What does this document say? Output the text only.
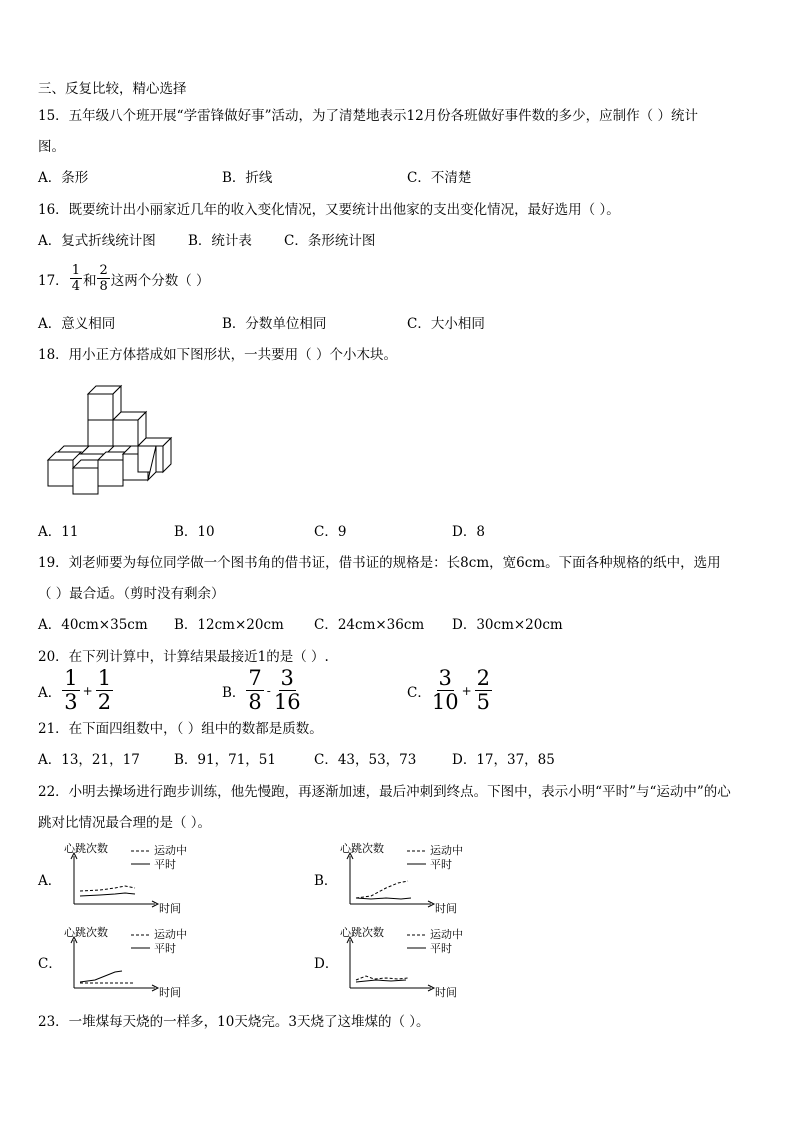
三、反复比较，精心选择
15．五年级八个班开展“学雷锋做好事”活动，为了清楚地表示12月份各班做好事件数的多少，应制作（ ）统计
图。
A．条形	B．折线	C．不清楚
16．既要统计出小丽家近几年的收入变化情况，又要统计出他家的支出变化情况，最好选用（ ）。
A．复式折线统计图 B．统计表 C．条形统计图
17． $\frac{1}{4}$ 和 $\frac{2}{8}$ 这两个分数（ ）
A．意义相同	B．分数单位相同	C．大小相同
18．用小正方体搭成如下图形状，一共要用（ ）个小木块。
A．11	B．10	C．9	D．8
19．刘老师要为每位同学做一个图书角的借书证，借书证的规格是：长8cm，宽6cm。下面各种规格的纸中，选用
（ ）最合适。（剪时没有剩余）
A．40cm×35cm B．12cm×20cm C．24cm×36cm D．30cm×20cm
20．在下列计算中，计算结果最接近1的是（ ）.
A． $\frac{1}{3} + \frac{1}{2}$	B． $\frac{7}{8} - \frac{3}{16}$	C． $\frac{3}{10} + \frac{2}{5}$
21．在下面四组数中，（ ）组中的数都是质数。
A．13，21，17	B．91，71，51	C．43，53，73	D．17，37，85
22．小明去操场进行跑步训练，他先慢跑，再逐渐加速，最后冲刺到终点。下图中，表示小明“平时”与“运动中”的心
跳对比情况最合理的是（ ）。
A．	B．
C．	D．
心跳次数	运动中
平时
时间
心跳次数	运动中
平时
时间
心跳次数	运动中
平时
时间
心跳次数	运动中
平时
时间
23．一堆煤每天烧的一样多，10天烧完。3天烧了这堆煤的（ ）。
